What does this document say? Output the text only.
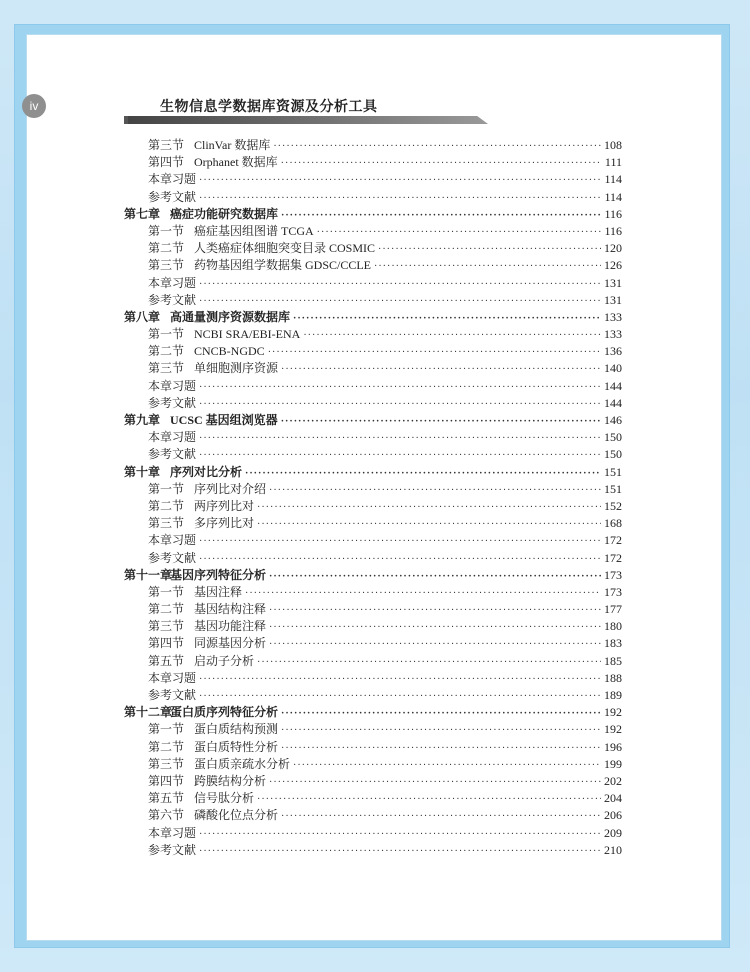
iv	生物信息学数据库资源及分析工具
第三节 ClinVar 数据库 ·····	108
第四节 Orphanet 数据库 ·····	111
本章习题 ·····	114
参考文献 ·····	114
第七章 癌症功能研究数据库 ·····	116
第一节 癌症基因组图谱 TCGA ·····	116
第二节 人类癌症体细胞突变目录 COSMIC ·····	120
第三节 药物基因组学数据集 GDSC/CCLE ·····	126
本章习题 ·····	131
参考文献 ·····	131
第八章 高通量测序资源数据库 ·····	133
第一节 NCBI SRA/EBI-ENA ·····	133
第二节 CNCB-NGDC ·····	136
第三节 单细胞测序资源 ·····	140
本章习题 ·····	144
参考文献 ·····	144
第九章 UCSC 基因组浏览器 ·····	146
本章习题 ·····	150
参考文献 ·····	150
第十章 序列对比分析 ·····	151
第一节 序列比对介绍 ·····	151
第二节 两序列比对 ·····	152
第三节 多序列比对 ·····	168
本章习题 ·····	172
参考文献 ·····	172
第十一章基因序列特征分析 ·····	173
第一节 基因注释 ·····	173
第二节 基因结构注释 ·····	177
第三节 基因功能注释 ·····	180
第四节 同源基因分析 ·····	183
第五节 启动子分析 ·····	185
本章习题 ·····	188
参考文献 ·····	189
第十二章蛋白质序列特征分析 ·····	192
第一节 蛋白质结构预测 ·····	192
第二节 蛋白质特性分析 ·····	196
第三节 蛋白质亲疏水分析 ·····	199
第四节 跨膜结构分析 ·····	202
第五节 信号肽分析 ·····	204
第六节 磷酸化位点分析 ·····	206
本章习题 ·····	209
参考文献 ·····	210
